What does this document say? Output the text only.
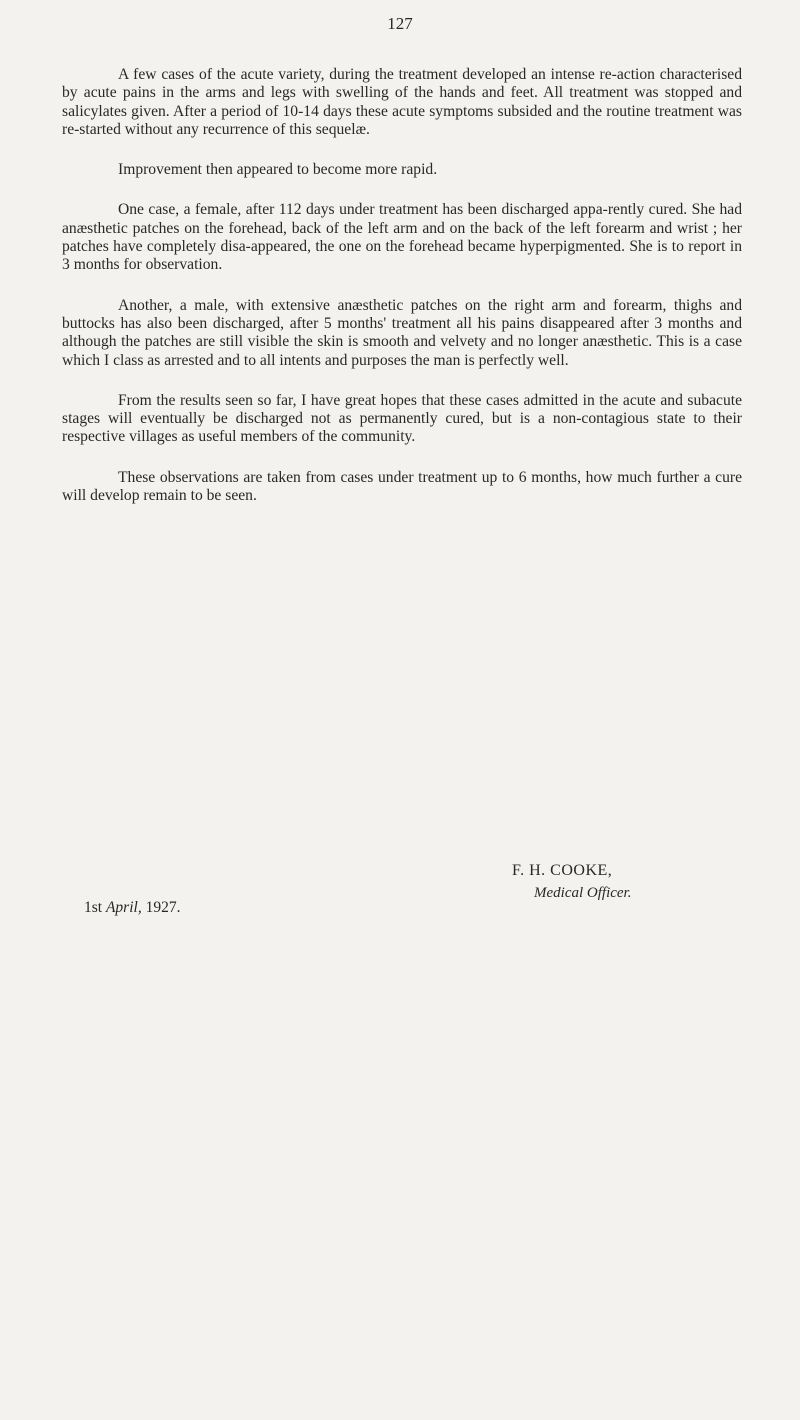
127

A few cases of the acute variety, during the treatment developed an intense re-action characterised by acute pains in the arms and legs with swelling of the hands and feet. All treatment was stopped and salicylates given. After a period of 10-14 days these acute symptoms subsided and the routine treatment was re-started without any recurrence of this sequelæ.

Improvement then appeared to become more rapid.

One case, a female, after 112 days under treatment has been discharged appa-rently cured. She had anæsthetic patches on the forehead, back of the left arm and on the back of the left forearm and wrist ; her patches have completely disa-appeared, the one on the forehead became hyperpigmented. She is to report in 3 months for observation.

Another, a male, with extensive anæsthetic patches on the right arm and forearm, thighs and buttocks has also been discharged, after 5 months' treatment all his pains disappeared after 3 months and although the patches are still visible the skin is smooth and velvety and no longer anæsthetic. This is a case which I class as arrested and to all intents and purposes the man is perfectly well.

From the results seen so far, I have great hopes that these cases admitted in the acute and subacute stages will eventually be discharged not as permanently cured, but is a non-contagious state to their respective villages as useful members of the community.

These observations are taken from cases under treatment up to 6 months, how much further a cure will develop remain to be seen.

F. H. COOKE,
Medical Officer.
1st April, 1927.
